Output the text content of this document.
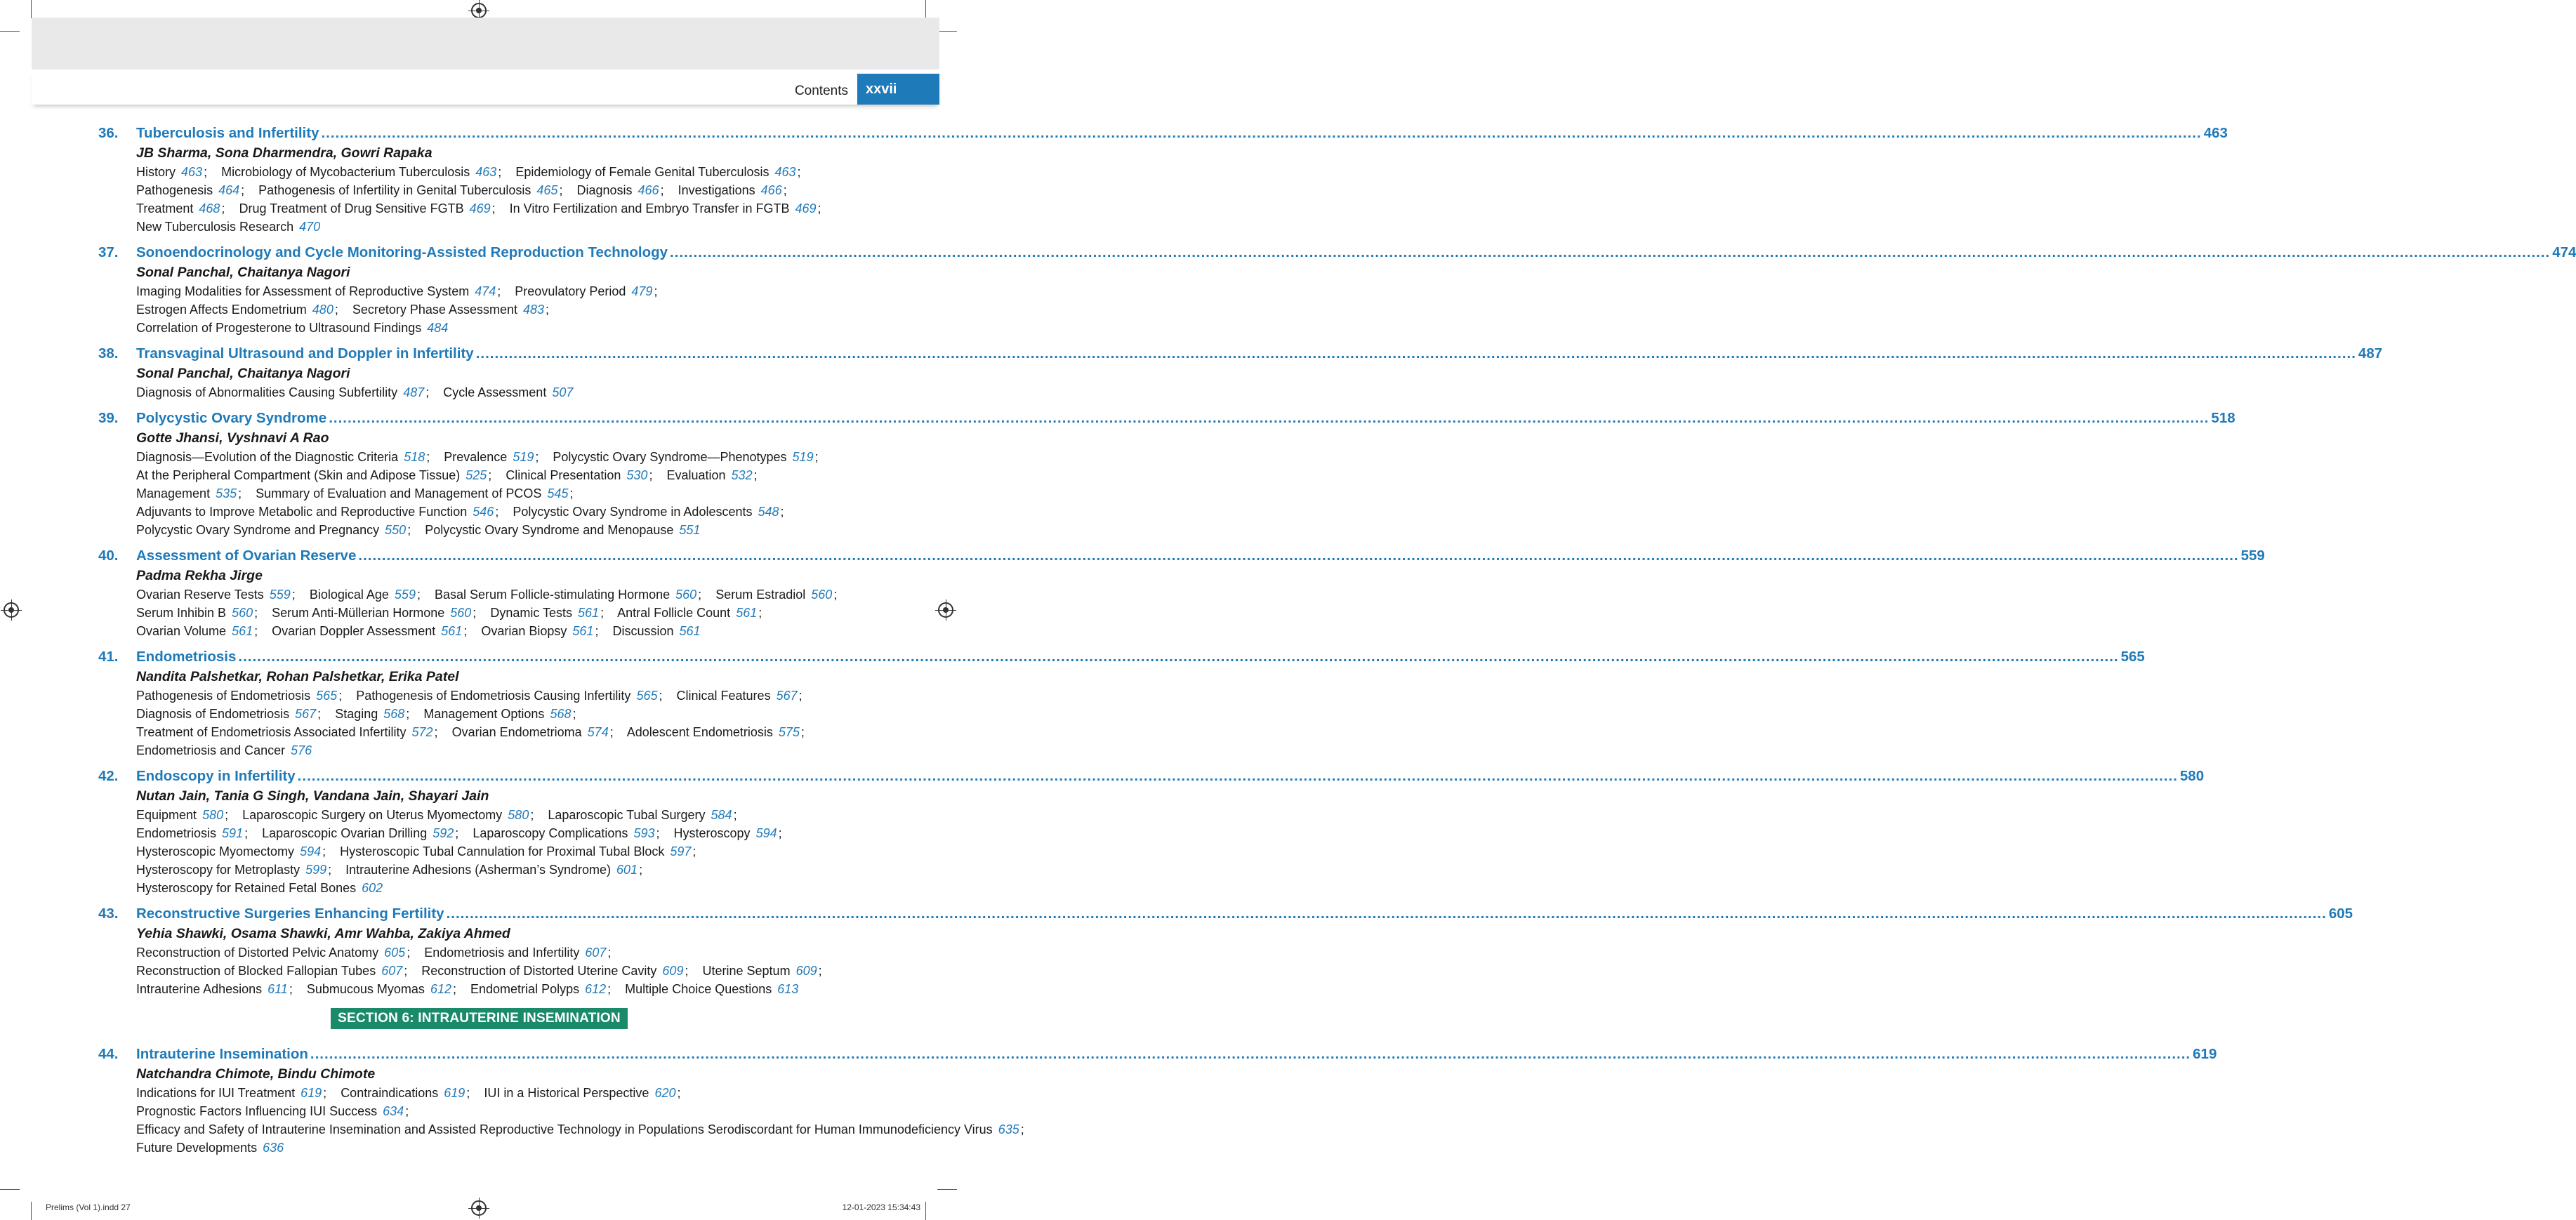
Contents	xxvii
36.	Tuberculosis and Infertility ................................................................................................................................................................................................................................................................................................................................................................................................................ 463
JB Sharma, Sona Dharmendra, Gowri Rapaka
History 463 ; Microbiology of Mycobacterium Tuberculosis 463 ; Epidemiology of Female Genital Tuberculosis 463 ; Pathogenesis 464 ; Pathogenesis of Infertility in Genital Tuberculosis 465 ; Diagnosis 466 ; Investigations 466 ; Treatment 468 ; Drug Treatment of Drug Sensitive FGTB 469 ; In Vitro Fertilization and Embryo Transfer in FGTB 469 ; New Tuberculosis Research 470
37.	Sonoendocrinology and Cycle Monitoring-Assisted Reproduction Technology ................................................................................................................................................................................................................................................................................................................................................................................................................ 474
Sonal Panchal, Chaitanya Nagori
Imaging Modalities for Assessment of Reproductive System 474 ; Preovulatory Period 479 ; Estrogen Affects Endometrium 480 ; Secretory Phase Assessment 483 ; Correlation of Progesterone to Ultrasound Findings 484
38.	Transvaginal Ultrasound and Doppler in Infertility ................................................................................................................................................................................................................................................................................................................................................................................................................ 487
Sonal Panchal, Chaitanya Nagori
Diagnosis of Abnormalities Causing Subfertility 487 ; Cycle Assessment 507
39.	Polycystic Ovary Syndrome ................................................................................................................................................................................................................................................................................................................................................................................................................ 518
Gotte Jhansi, Vyshnavi A Rao
Diagnosis—Evolution of the Diagnostic Criteria 518 ; Prevalence 519 ; Polycystic Ovary Syndrome—Phenotypes 519 ; At the Peripheral Compartment (Skin and Adipose Tissue) 525 ; Clinical Presentation 530 ; Evaluation 532 ; Management 535 ; Summary of Evaluation and Management of PCOS 545 ; Adjuvants to Improve Metabolic and Reproductive Function 546 ; Polycystic Ovary Syndrome in Adolescents 548 ; Polycystic Ovary Syndrome and Pregnancy 550 ; Polycystic Ovary Syndrome and Menopause 551
40.	Assessment of Ovarian Reserve ................................................................................................................................................................................................................................................................................................................................................................................................................ 559
Padma Rekha Jirge
Ovarian Reserve Tests 559 ; Biological Age 559 ; Basal Serum Follicle-stimulating Hormone 560 ; Serum Estradiol 560 ; Serum Inhibin B 560 ; Serum Anti-Müllerian Hormone 560 ; Dynamic Tests 561 ; Antral Follicle Count 561 ; Ovarian Volume 561 ; Ovarian Doppler Assessment 561 ; Ovarian Biopsy 561 ; Discussion 561
41.	Endometriosis ................................................................................................................................................................................................................................................................................................................................................................................................................ 565
Nandita Palshetkar, Rohan Palshetkar, Erika Patel
Pathogenesis of Endometriosis 565 ; Pathogenesis of Endometriosis Causing Infertility 565 ; Clinical Features 567 ; Diagnosis of Endometriosis 567 ; Staging 568 ; Management Options 568 ; Treatment of Endometriosis Associated Infertility 572 ; Ovarian Endometrioma 574 ; Adolescent Endometriosis 575 ; Endometriosis and Cancer 576
42.	Endoscopy in Infertility ................................................................................................................................................................................................................................................................................................................................................................................................................ 580
Nutan Jain, Tania G Singh, Vandana Jain, Shayari Jain
Equipment 580 ; Laparoscopic Surgery on Uterus Myomectomy 580 ; Laparoscopic Tubal Surgery 584 ; Endometriosis 591 ; Laparoscopic Ovarian Drilling 592 ; Laparoscopy Complications 593 ; Hysteroscopy 594 ; Hysteroscopic Myomectomy 594 ; Hysteroscopic Tubal Cannulation for Proximal Tubal Block 597 ; Hysteroscopy for Metroplasty 599 ; Intrauterine Adhesions (Asherman’s Syndrome) 601 ; Hysteroscopy for Retained Fetal Bones 602
43.	Reconstructive Surgeries Enhancing Fertility ................................................................................................................................................................................................................................................................................................................................................................................................................ 605
Yehia Shawki, Osama Shawki, Amr Wahba, Zakiya Ahmed
Reconstruction of Distorted Pelvic Anatomy 605 ; Endometriosis and Infertility 607 ; Reconstruction of Blocked Fallopian Tubes 607 ; Reconstruction of Distorted Uterine Cavity 609 ; Uterine Septum 609 ; Intrauterine Adhesions 611 ; Submucous Myomas 612 ; Endometrial Polyps 612 ; Multiple Choice Questions 613
SECTION 6: INTRAUTERINE INSEMINATION
44.	Intrauterine Insemination ................................................................................................................................................................................................................................................................................................................................................................................................................ 619
Natchandra Chimote, Bindu Chimote
Indications for IUI Treatment 619 ; Contraindications 619 ; IUI in a Historical Perspective 620 ; Prognostic Factors Influencing IUI Success 634 ; Efficacy and Safety of Intrauterine Insemination and Assisted Reproductive Technology in Populations Serodiscordant for Human Immunodeficiency Virus 635 ; Future Developments 636
Prelims (Vol 1).indd 27	12-01-2023 15:34:43
